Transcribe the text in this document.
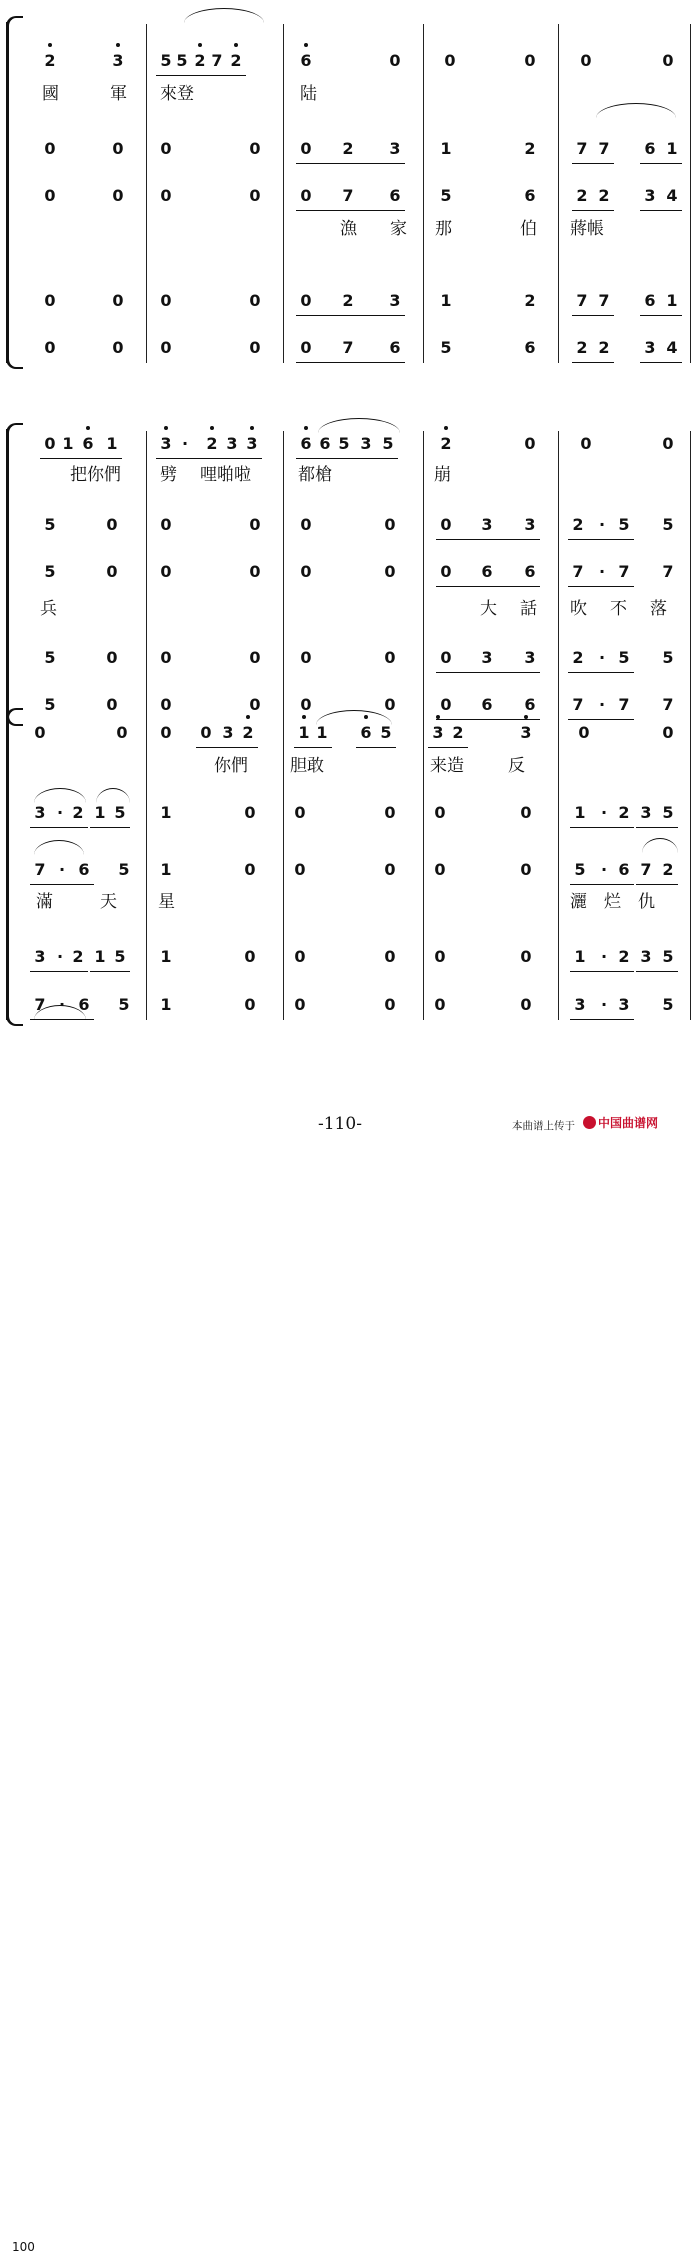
2	3	5 5 2 7 2	6	0	0	0	0	0
0	0	0	0	0	2	3	1	2	7 7	6 1
0	0	0	0	0	7	6	5	6	2 2	3 4
0	0	0	0	0	2	3	1	2	7 7	6 1
0	0	0	0	0	7	6	5	6	2 2	3 4
國	軍 來登	陆
漁 家 那	伯 蔣帳
0 1 6 1	3 ·	2 3 3	6 6 5 3 5	2	0	0	0
5	0	0	0	0	0	0	3	3	2 · 5	5
5	0	0	0	0	0	0	6	6	7 · 7	7
5	0	0	0	0	0	0	3	3	2 · 5	5
5	0	0	0	0	0	0	6	6	7 · 7	7
把你們 劈 哩啪啦	都槍	崩
兵	大 話 吹 不 落
0	0	0	0 3 2	1 1	6 5	3 2	3	0	0
3 · 2 1 5	1	0	0	0	0	0	1 · 2 3 5
7 · 6	5	1	0	0	0	0	0	5 · 6 7 2
3 · 2 1 5	1	0	0	0	0	0	1 · 2 3 5
7 · 6	5	1	0	0	0	0	0	3 · 3	5
你們 胆敢	来造	反
滿	天 星	灑 烂 仇
100
-110-	本曲谱上传于 中国曲谱网
